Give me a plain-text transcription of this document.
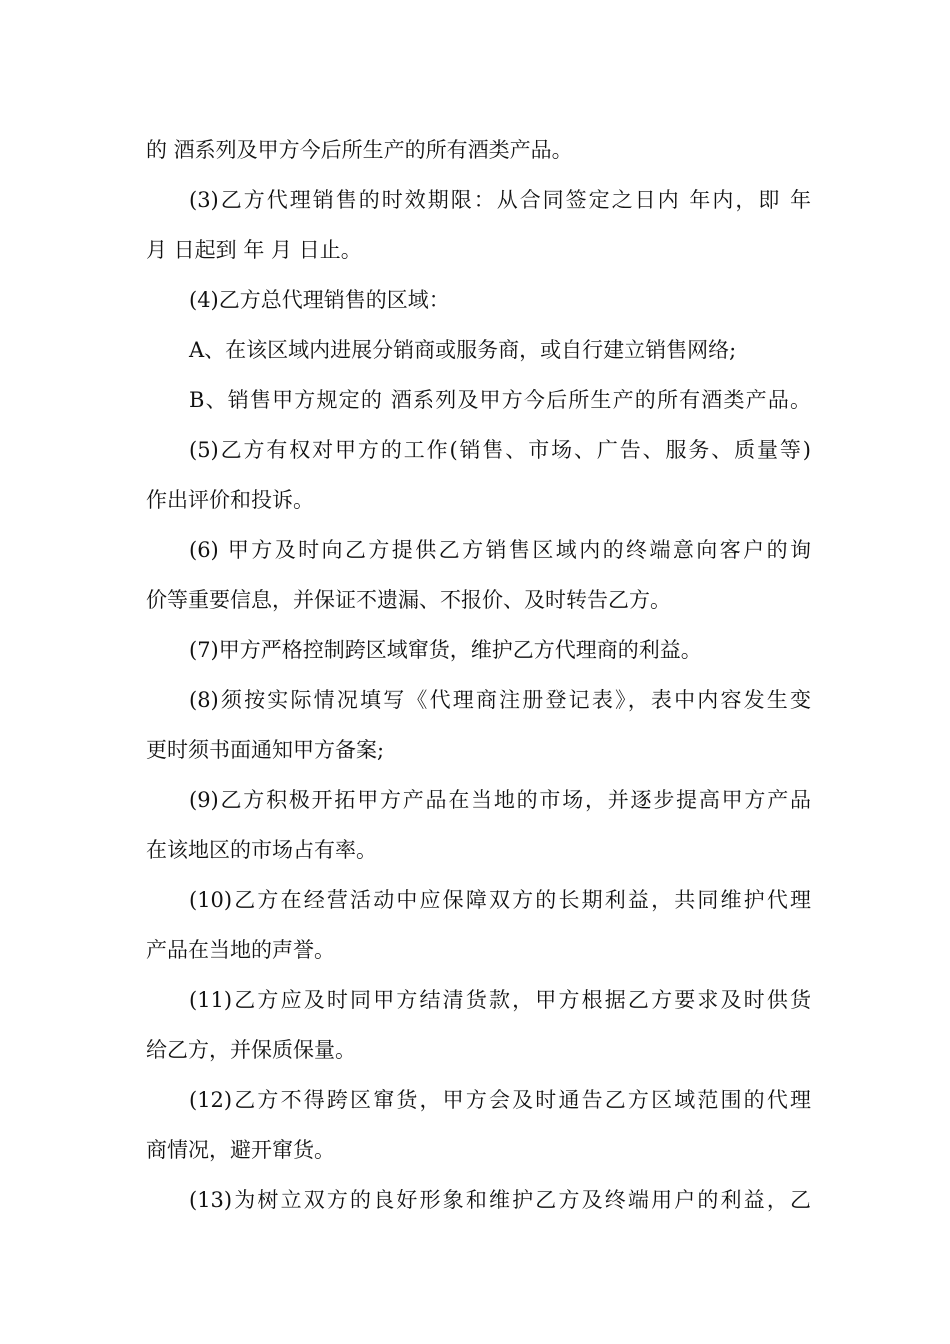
的 酒系列及甲方今后所生产的所有酒类产品。
(3)乙方代理销售的时效期限：从合同签定之日内 年内，即 年
月 日起到 年 月 日止。
(4)乙方总代理销售的区域：
A、在该区域内进展分销商或服务商，或自行建立销售网络;
B、销售甲方规定的 酒系列及甲方今后所生产的所有酒类产品。
(5)乙方有权对甲方的工作(销售、市场、广告、服务、质量等)
作出评价和投诉。
(6) 甲方及时向乙方提供乙方销售区域内的终端意向客户的询
价等重要信息，并保证不遗漏、不报价、及时转告乙方。
(7)甲方严格控制跨区域窜货，维护乙方代理商的利益。
(8)须按实际情况填写《代理商注册登记表》，表中内容发生变
更时须书面通知甲方备案;
(9)乙方积极开拓甲方产品在当地的市场，并逐步提高甲方产品
在该地区的市场占有率。
(10)乙方在经营活动中应保障双方的长期利益，共同维护代理
产品在当地的声誉。
(11)乙方应及时同甲方结清货款，甲方根据乙方要求及时供货
给乙方，并保质保量。
(12)乙方不得跨区窜货，甲方会及时通告乙方区域范围的代理
商情况，避开窜货。
(13)为树立双方的良好形象和维护乙方及终端用户的利益，乙
